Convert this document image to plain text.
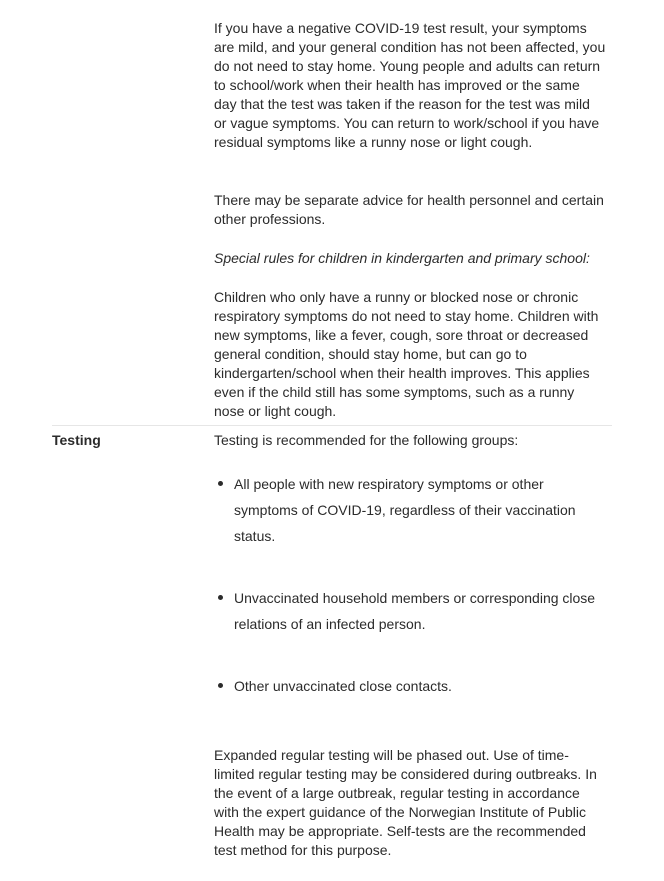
If you have a negative COVID-19 test result, your symptoms are mild, and your general condition has not been affected, you do not need to stay home. Young people and adults can return to school/work when their health has improved or the same day that the test was taken if the reason for the test was mild or vague symptoms. You can return to work/school if you have residual symptoms like a runny nose or light cough.

There may be separate advice for health personnel and certain other professions.

Special rules for children in kindergarten and primary school:

Children who only have a runny or blocked nose or chronic respiratory symptoms do not need to stay home. Children with new symptoms, like a fever, cough, sore throat or decreased general condition, should stay home, but can go to kindergarten/school when their health improves. This applies even if the child still has some symptoms, such as a runny nose or light cough.

Testing	Testing is recommended for the following groups:

All people with new respiratory symptoms or other symptoms of COVID-19, regardless of their vaccination status.
Unvaccinated household members or corresponding close relations of an infected person.
Other unvaccinated close contacts.

Expanded regular testing will be phased out. Use of time-limited regular testing may be considered during outbreaks. In the event of a large outbreak, regular testing in accordance with the expert guidance of the Norwegian Institute of Public Health may be appropriate. Self-tests are the recommended test method for this purpose.
